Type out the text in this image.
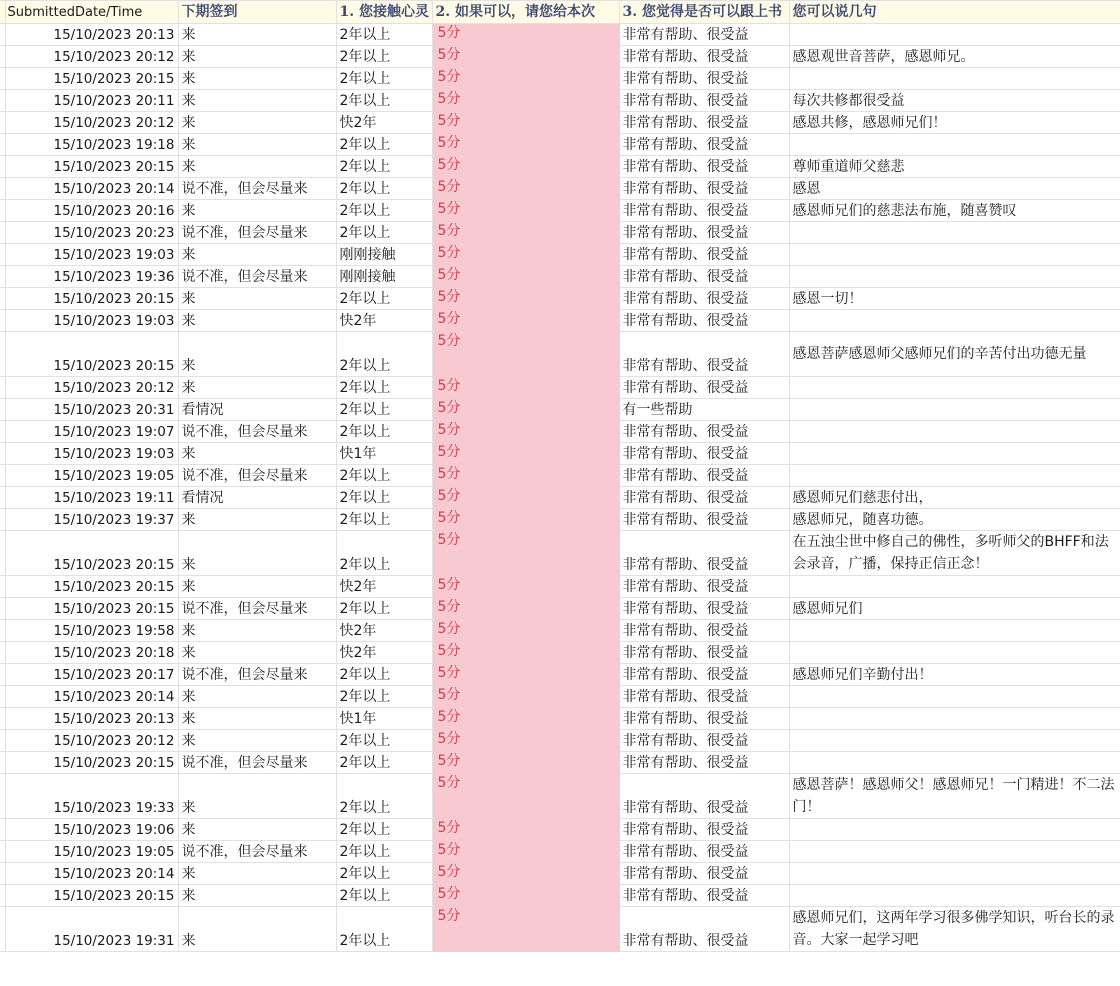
	SubmittedDate/Time	下期签到	1. 您接触心灵	2. 如果可以，请您给本次	3. 您觉得是否可以跟上书	您可以说几句
	15/10/2023 20:13	来	2年以上	5分	非常有帮助、很受益	
	15/10/2023 20:12	来	2年以上	5分	非常有帮助、很受益	感恩观世音菩萨，感恩师兄。
	15/10/2023 20:15	来	2年以上	5分	非常有帮助、很受益	
	15/10/2023 20:11	来	2年以上	5分	非常有帮助、很受益	每次共修都很受益
	15/10/2023 20:12	来	快2年	5分	非常有帮助、很受益	感恩共修，感恩师兄们！
	15/10/2023 19:18	来	2年以上	5分	非常有帮助、很受益	
	15/10/2023 20:15	来	2年以上	5分	非常有帮助、很受益	尊师重道师父慈悲
	15/10/2023 20:14	说不准，但会尽量来	2年以上	5分	非常有帮助、很受益	感恩
	15/10/2023 20:16	来	2年以上	5分	非常有帮助、很受益	感恩师兄们的慈悲法布施，随喜赞叹
	15/10/2023 20:23	说不准，但会尽量来	2年以上	5分	非常有帮助、很受益	
	15/10/2023 19:03	来	刚刚接触	5分	非常有帮助、很受益	
	15/10/2023 19:36	说不准，但会尽量来	刚刚接触	5分	非常有帮助、很受益	
	15/10/2023 20:15	来	2年以上	5分	非常有帮助、很受益	感恩一切！
	15/10/2023 19:03	来	快2年	5分	非常有帮助、很受益	
	15/10/2023 20:15	来	2年以上	5分	非常有帮助、很受益	感恩菩萨感恩师父感师兄们的辛苦付出功德无量
	15/10/2023 20:12	来	2年以上	5分	非常有帮助、很受益	
	15/10/2023 20:31	看情况	2年以上	5分	有一些帮助	
	15/10/2023 19:07	说不准，但会尽量来	2年以上	5分	非常有帮助、很受益	
	15/10/2023 19:03	来	快1年	5分	非常有帮助、很受益	
	15/10/2023 19:05	说不准，但会尽量来	2年以上	5分	非常有帮助、很受益	
	15/10/2023 19:11	看情况	2年以上	5分	非常有帮助、很受益	感恩师兄们慈悲付出，
	15/10/2023 19:37	来	2年以上	5分	非常有帮助、很受益	感恩师兄，随喜功德。
	15/10/2023 20:15	来	2年以上	5分	非常有帮助、很受益	在五浊尘世中修自己的佛性，多听师父的BHFF和法会录音，广播，保持正信正念！
	15/10/2023 20:15	来	快2年	5分	非常有帮助、很受益	
	15/10/2023 20:15	说不准，但会尽量来	2年以上	5分	非常有帮助、很受益	感恩师兄们
	15/10/2023 19:58	来	快2年	5分	非常有帮助、很受益	
	15/10/2023 20:18	来	快2年	5分	非常有帮助、很受益	
	15/10/2023 20:17	说不准，但会尽量来	2年以上	5分	非常有帮助、很受益	感恩师兄们辛勤付出！
	15/10/2023 20:14	来	2年以上	5分	非常有帮助、很受益	
	15/10/2023 20:13	来	快1年	5分	非常有帮助、很受益	
	15/10/2023 20:12	来	2年以上	5分	非常有帮助、很受益	
	15/10/2023 20:15	说不准，但会尽量来	2年以上	5分	非常有帮助、很受益	
	15/10/2023 19:33	来	2年以上	5分	非常有帮助、很受益	感恩菩萨！感恩师父！感恩师兄！一门精进！不二法门！
	15/10/2023 19:06	来	2年以上	5分	非常有帮助、很受益	
	15/10/2023 19:05	说不准，但会尽量来	2年以上	5分	非常有帮助、很受益	
	15/10/2023 20:14	来	2年以上	5分	非常有帮助、很受益	
	15/10/2023 20:15	来	2年以上	5分	非常有帮助、很受益	
	15/10/2023 19:31	来	2年以上	5分	非常有帮助、很受益	感恩师兄们，这两年学习很多佛学知识，听台长的录音。大家一起学习吧
